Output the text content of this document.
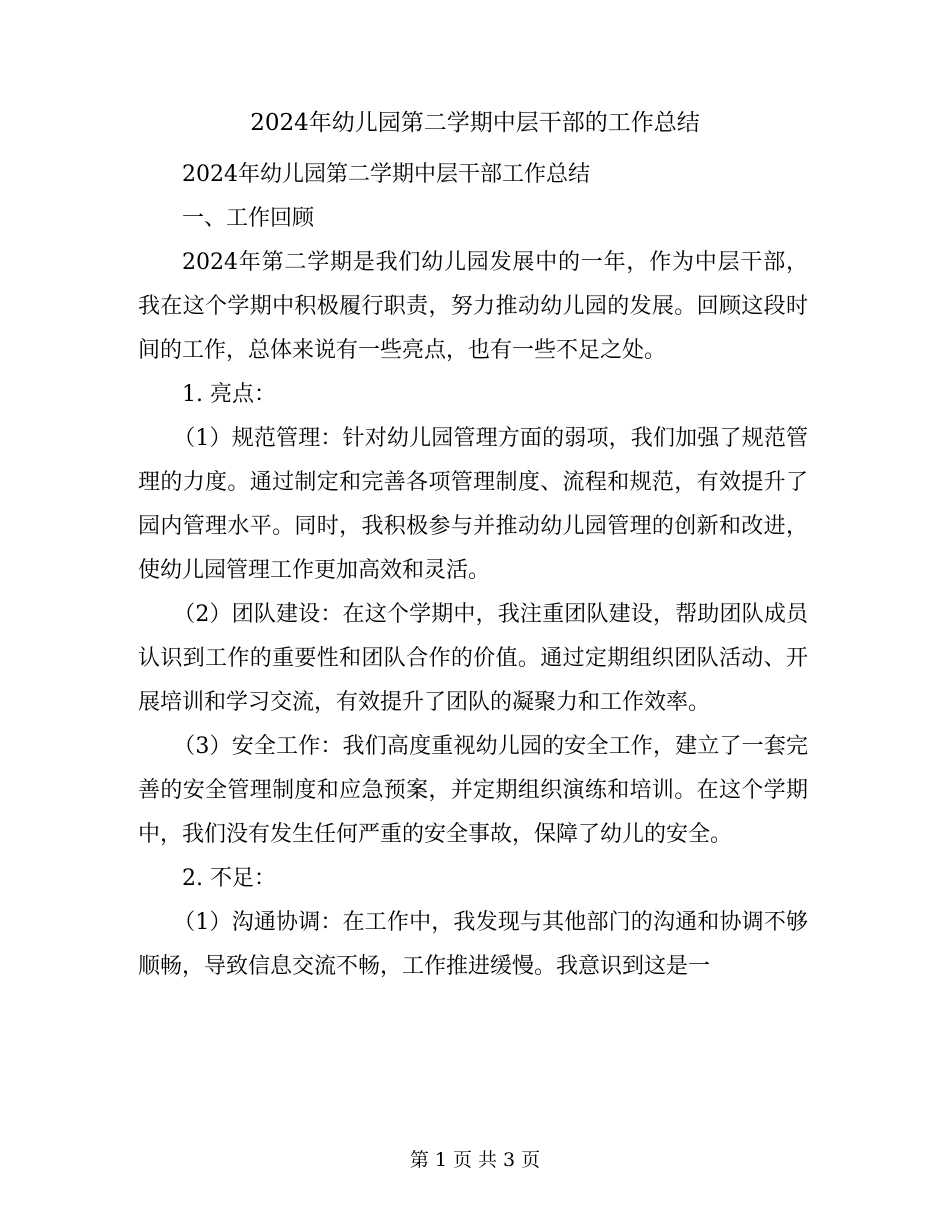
2024年幼儿园第二学期中层干部的工作总结

2024年幼儿园第二学期中层干部工作总结

一、工作回顾

2024年第二学期是我们幼儿园发展中的一年，作为中层干部，我在这个学期中积极履行职责，努力推动幼儿园的发展。回顾这段时间的工作，总体来说有一些亮点，也有一些不足之处。

1. 亮点：

（1）规范管理：针对幼儿园管理方面的弱项，我们加强了规范管理的力度。通过制定和完善各项管理制度、流程和规范，有效提升了园内管理水平。同时，我积极参与并推动幼儿园管理的创新和改进，使幼儿园管理工作更加高效和灵活。

（2）团队建设：在这个学期中，我注重团队建设，帮助团队成员认识到工作的重要性和团队合作的价值。通过定期组织团队活动、开展培训和学习交流，有效提升了团队的凝聚力和工作效率。

（3）安全工作：我们高度重视幼儿园的安全工作，建立了一套完善的安全管理制度和应急预案，并定期组织演练和培训。在这个学期中，我们没有发生任何严重的安全事故，保障了幼儿的安全。

2. 不足：

（1）沟通协调：在工作中，我发现与其他部门的沟通和协调不够顺畅，导致信息交流不畅，工作推进缓慢。我意识到这是一

第 1 页 共 3 页
